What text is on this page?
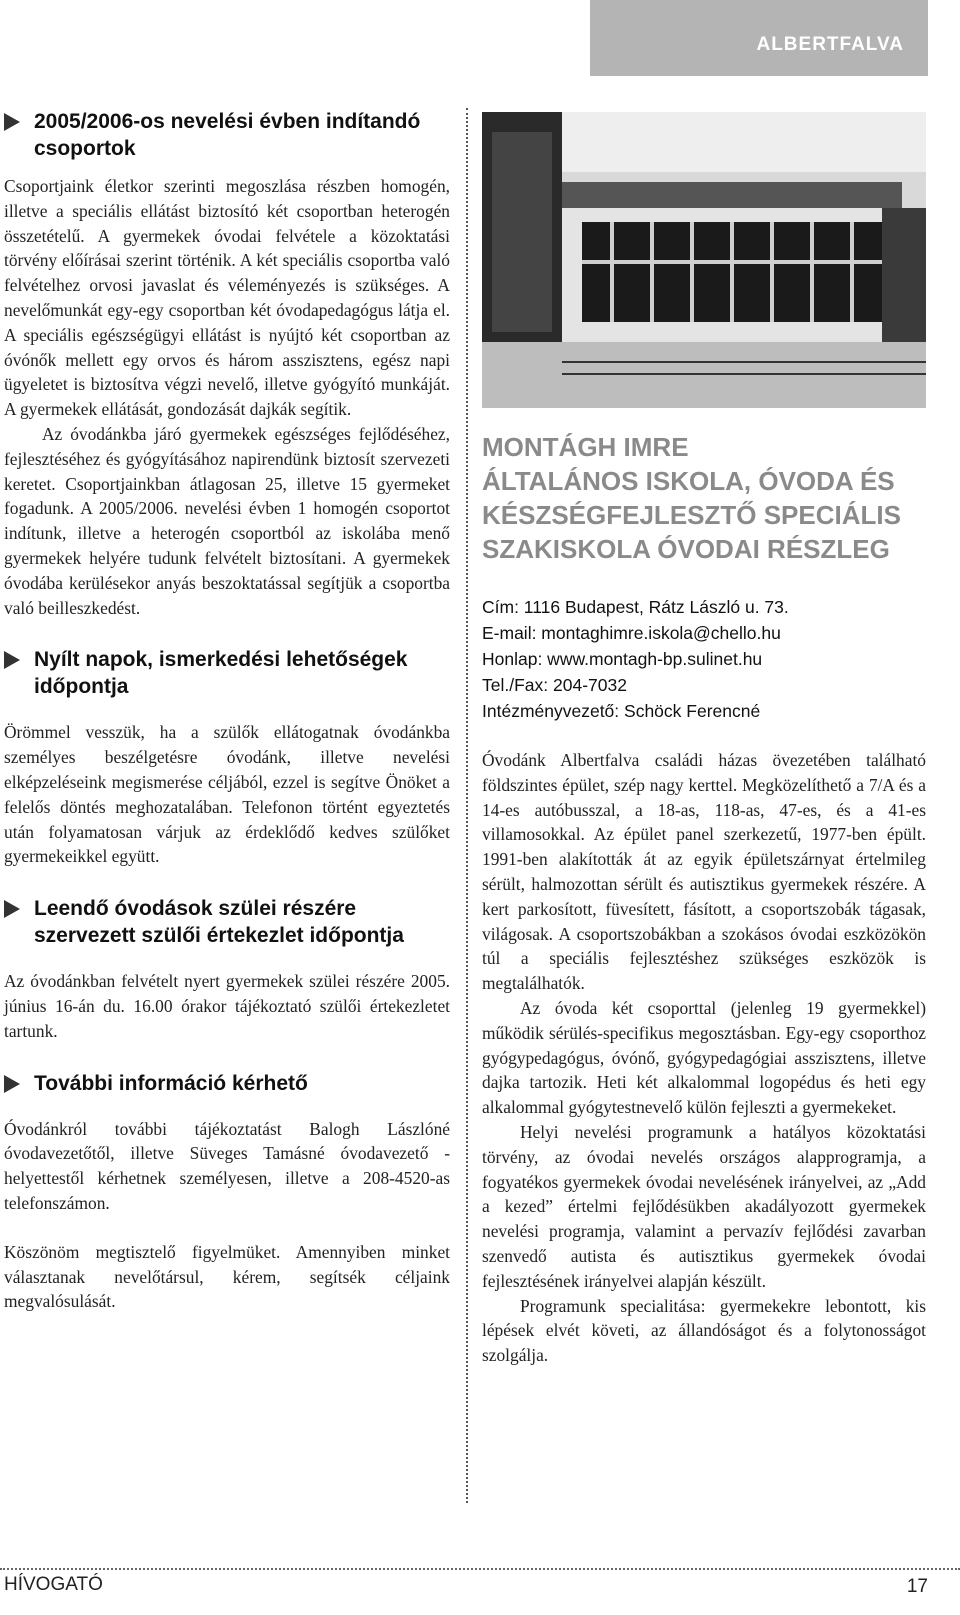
ALBERTFALVA
2005/2006-os nevelési évben indítandó csoportok

Csoportjaink életkor szerinti megoszlása részben homogén, illetve a speciális ellátást biztosító két csoportban heterogén összetételű. A gyermekek óvodai felvétele a közoktatási törvény előírásai szerint történik. A két speciális csoportba való felvételhez orvosi javaslat és véleményezés is szükséges. A nevelőmunkát egy-egy csoportban két óvodapedagógus látja el. A speciális egészségügyi ellátást is nyújtó két csoportban az óvónők mellett egy orvos és három asszisztens, egész napi ügyeletet is biztosítva végzi nevelő, illetve gyógyító munkáját. A gyermekek ellátását, gondozását dajkák segítik.

Az óvodánkba járó gyermekek egészséges fejlődéséhez, fejlesztéséhez és gyógyításához napirendünk biztosít szervezeti keretet. Csoportjainkban átlagosan 25, illetve 15 gyermeket fogadunk. A 2005/2006. nevelési évben 1 homogén csoportot indítunk, illetve a heterogén csoportból az iskolába menő gyermekek helyére tudunk felvételt biztosítani. A gyermekek óvodába kerülésekor anyás beszoktatással segítjük a csoportba való beilleszkedést.

Nyílt napok, ismerkedési lehetőségek időpontja

Örömmel vesszük, ha a szülők ellátogatnak óvodánkba személyes beszélgetésre óvodánk, illetve nevelési elképzeléseink megismerése céljából, ezzel is segítve Önöket a felelős döntés meghozatalában. Telefonon történt egyeztetés után folyamatosan várjuk az érdeklődő kedves szülőket gyermekeikkel együtt.

Leendő óvodások szülei részére szervezett szülői értekezlet időpontja

Az óvodánkban felvételt nyert gyermekek szülei részére 2005. június 16-án du. 16.00 órakor tájékoztató szülői értekezletet tartunk.

További információ kérhető

Óvodánkról további tájékoztatást Balogh Lászlóné óvodavezetőtől, illetve Süveges Tamásné óvodavezető - helyettestől kérhetnek személyesen, illetve a 208-4520-as telefonszámon.

Köszönöm megtisztelő figyelmüket. Amennyiben minket választanak nevelőtársul, kérem, segítsék céljaink megvalósulását.

MONTÁGH IMRE
ÁLTALÁNOS ISKOLA, ÓVODA ÉS
KÉSZSÉGFEJLESZTŐ SPECIÁLIS
SZAKISKOLA ÓVODAI RÉSZLEG
Cím: 1116 Budapest, Rátz László u. 73.
E-mail: montaghimre.iskola@chello.hu
Honlap: www.montagh-bp.sulinet.hu
Tel./Fax: 204-7032
Intézményvezető: Schöck Ferencné

Óvodánk Albertfalva családi házas övezetében található földszintes épület, szép nagy kerttel. Megközelíthető a 7/A és a 14-es autóbusszal, a 18-as, 118-as, 47-es, és a 41-es villamosokkal. Az épület panel szerkezetű, 1977-ben épült. 1991-ben alakították át az egyik épületszárnyat értelmileg sérült, halmozottan sérült és autisztikus gyermekek részére. A kert parkosított, füvesített, fásított, a csoportszobák tágasak, világosak. A csoportszobákban a szokásos óvodai eszközökön túl a speciális fejlesztéshez szükséges eszközök is megtalálhatók.

Az óvoda két csoporttal (jelenleg 19 gyermekkel) működik sérülés-specifikus megosztásban. Egy-egy csoporthoz gyógypedagógus, óvónő, gyógypedagógiai asszisztens, illetve dajka tartozik. Heti két alkalommal logopédus és heti egy alkalommal gyógytestnevelő külön fejleszti a gyermekeket.

Helyi nevelési programunk a hatályos közoktatási törvény, az óvodai nevelés országos alapprogramja, a fogyatékos gyermekek óvodai nevelésének irányelvei, az „Add a kezed” értelmi fejlődésükben akadályozott gyermekek nevelési programja, valamint a pervazív fejlődési zavarban szenvedő autista és autisztikus gyermekek óvodai fejlesztésének irányelvei alapján készült.

Programunk specialitása: gyermekekre lebontott, kis lépések elvét követi, az állandóságot és a folytonosságot szolgálja.

HÍVOGATÓ	17
